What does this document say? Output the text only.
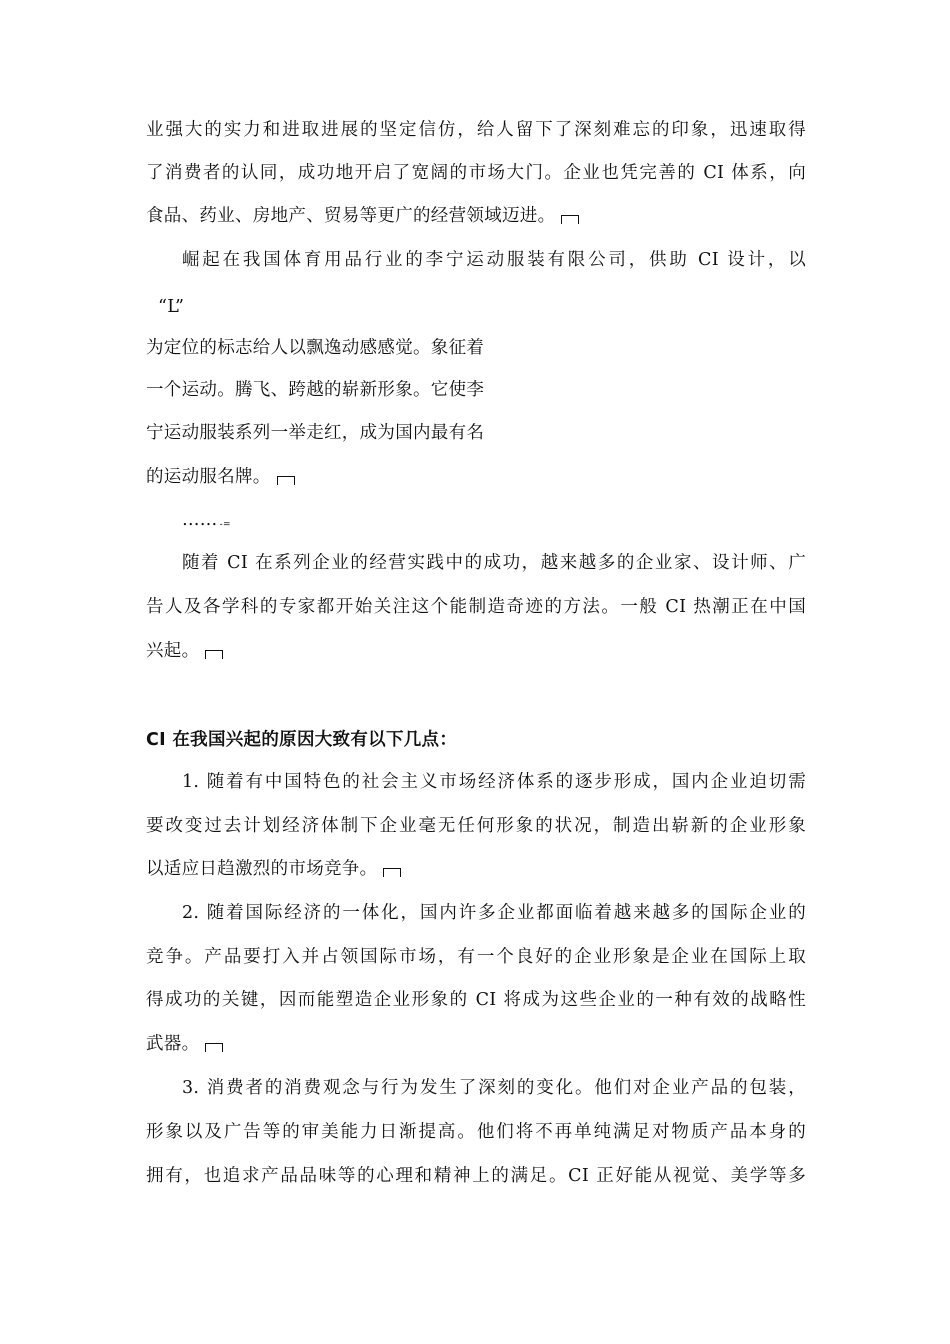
业强大的实力和进取进展的坚定信仿，给人留下了深刻难忘的印象，迅速取得
了消费者的认同，成功地开启了宽阔的市场大门。企业也凭完善的 CI 体系，向
食品、药业、房地产、贸易等更广的经营领域迈进。
崛起在我国体育用品行业的李宁运动服装有限公司，供助 CI 设计，以
“L”
为定位的标志给人以飘逸动感感觉。象征着
一个运动。腾飞、跨越的崭新形象。它使李
宁运动服装系列一举走红，成为国内最有名
的运动服名牌。
…… -=
随着 CI 在系列企业的经营实践中的成功，越来越多的企业家、设计师、广
告人及各学科的专家都开始关注这个能制造奇迹的方法。一般 CI 热潮正在中国
兴起。
CI 在我国兴起的原因大致有以下几点：
1. 随着有中国特色的社会主义市场经济体系的逐步形成，国内企业迫切需
要改变过去计划经济体制下企业毫无任何形象的状况，制造出崭新的企业形象
以适应日趋激烈的市场竞争。
2. 随着国际经济的一体化，国内许多企业都面临着越来越多的国际企业的
竞争。产品要打入并占领国际市场，有一个良好的企业形象是企业在国际上取
得成功的关键，因而能塑造企业形象的 CI 将成为这些企业的一种有效的战略性
武器。
3. 消费者的消费观念与行为发生了深刻的变化。他们对企业产品的包装，
形象以及广告等的审美能力日渐提高。他们将不再单纯满足对物质产品本身的
拥有，也追求产品品味等的心理和精神上的满足。CI 正好能从视觉、美学等多
